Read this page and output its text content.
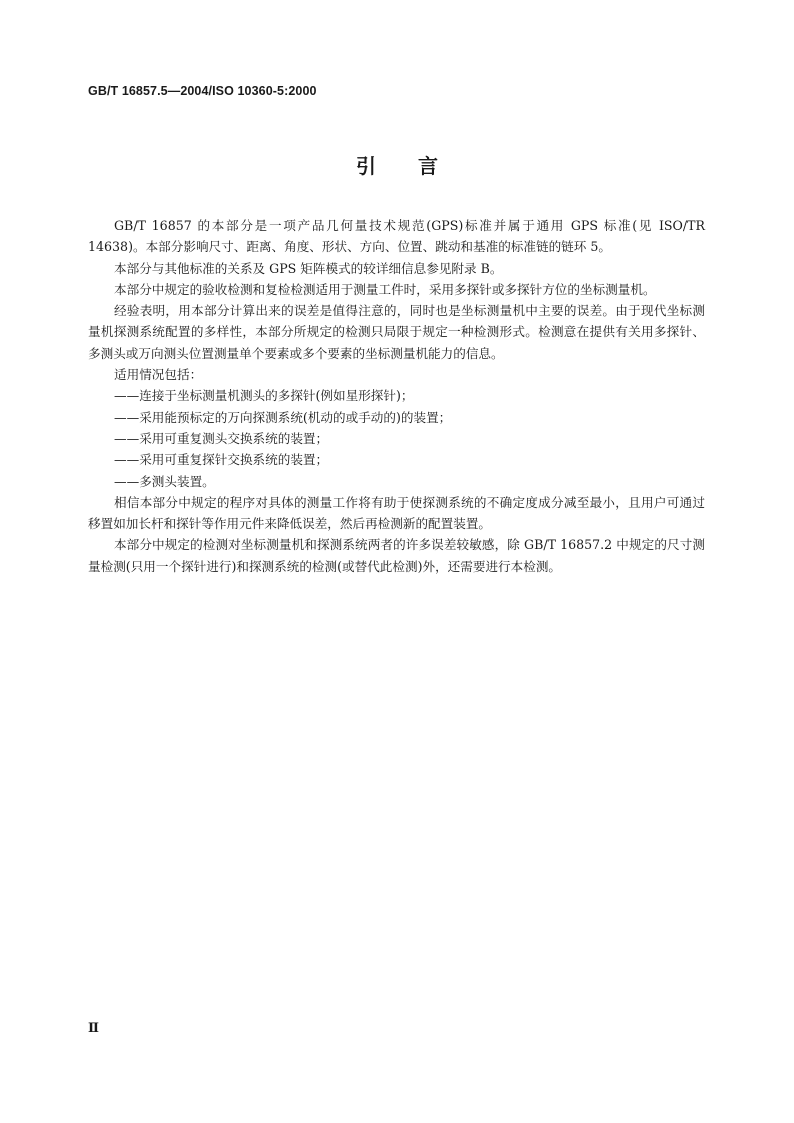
GB/T 16857.5—2004/ISO 10360-5:2000
引言

GB/T 16857 的本部分是一项产品几何量技术规范(GPS)标准并属于通用 GPS 标准(见 ISO/TR 14638)。本部分影响尺寸、距离、角度、形状、方向、位置、跳动和基准的标准链的链环 5。

本部分与其他标准的关系及 GPS 矩阵模式的较详细信息参见附录 B。

本部分中规定的验收检测和复检检测适用于测量工件时，采用多探针或多探针方位的坐标测量机。

经验表明，用本部分计算出来的误差是值得注意的，同时也是坐标测量机中主要的误差。由于现代坐标测量机探测系统配置的多样性，本部分所规定的检测只局限于规定一种检测形式。检测意在提供有关用多探针、多测头或万向测头位置测量单个要素或多个要素的坐标测量机能力的信息。

适用情况包括：

——连接于坐标测量机测头的多探针(例如星形探针)；

——采用能预标定的万向探测系统(机动的或手动的)的装置；

——采用可重复测头交换系统的装置；

——采用可重复探针交换系统的装置；

——多测头装置。

相信本部分中规定的程序对具体的测量工作将有助于使探测系统的不确定度成分减至最小，且用户可通过移置如加长杆和探针等作用元件来降低误差，然后再检测新的配置装置。

本部分中规定的检测对坐标测量机和探测系统两者的许多误差较敏感，除 GB/T 16857.2 中规定的尺寸测量检测(只用一个探针进行)和探测系统的检测(或替代此检测)外，还需要进行本检测。

Ⅱ
